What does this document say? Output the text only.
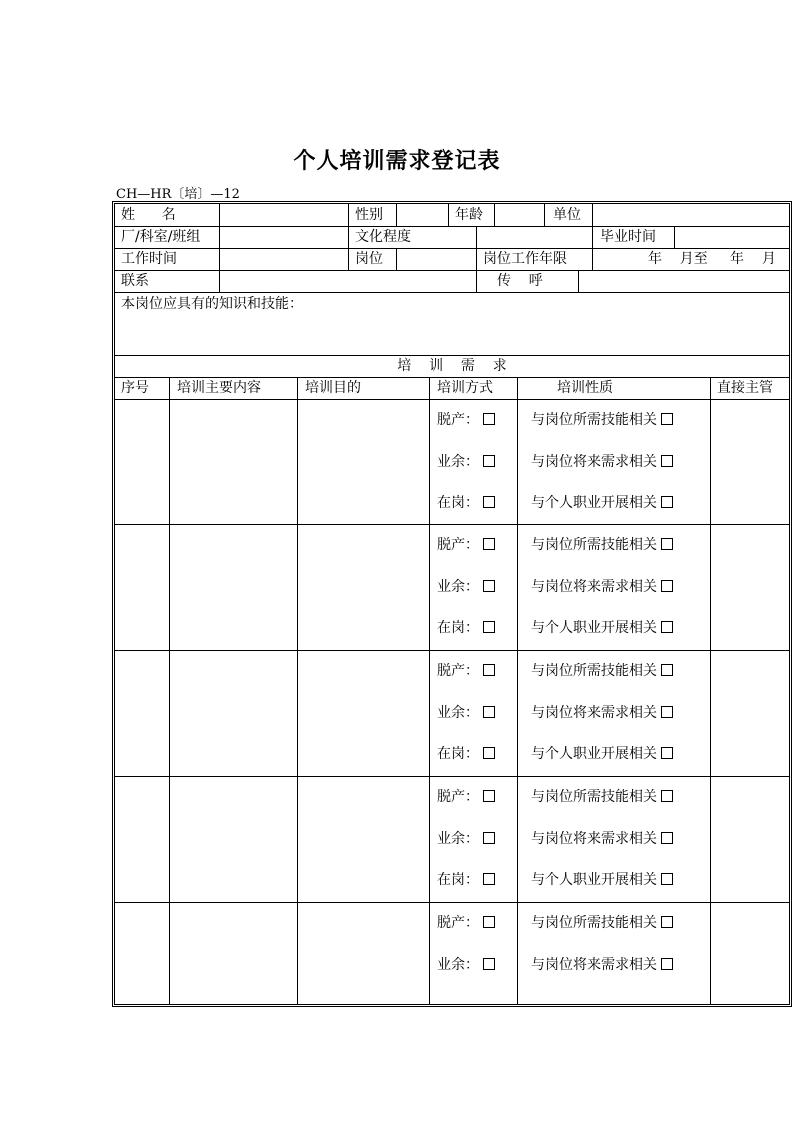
个人培训需求登记表
CH—HR〔培〕—12
姓      名	性别	年龄	单位
厂/科室/班组	文化程度	毕业时间
工作时间	岗位	岗位工作年限	年    月至     年    月
联系	传    呼
本岗位应具有的知识和技能：
培    训    需    求
序号 培训主要内容	培训目的	培训方式	培训性质	直接主管
脱产：	与岗位所需技能相关
业余：	与岗位将来需求相关
在岗：	与个人职业开展相关
脱产：	与岗位所需技能相关
业余：	与岗位将来需求相关
在岗：	与个人职业开展相关
脱产：	与岗位所需技能相关
业余：	与岗位将来需求相关
在岗：	与个人职业开展相关
脱产：	与岗位所需技能相关
业余：	与岗位将来需求相关
在岗：	与个人职业开展相关
脱产：	与岗位所需技能相关
业余：	与岗位将来需求相关
